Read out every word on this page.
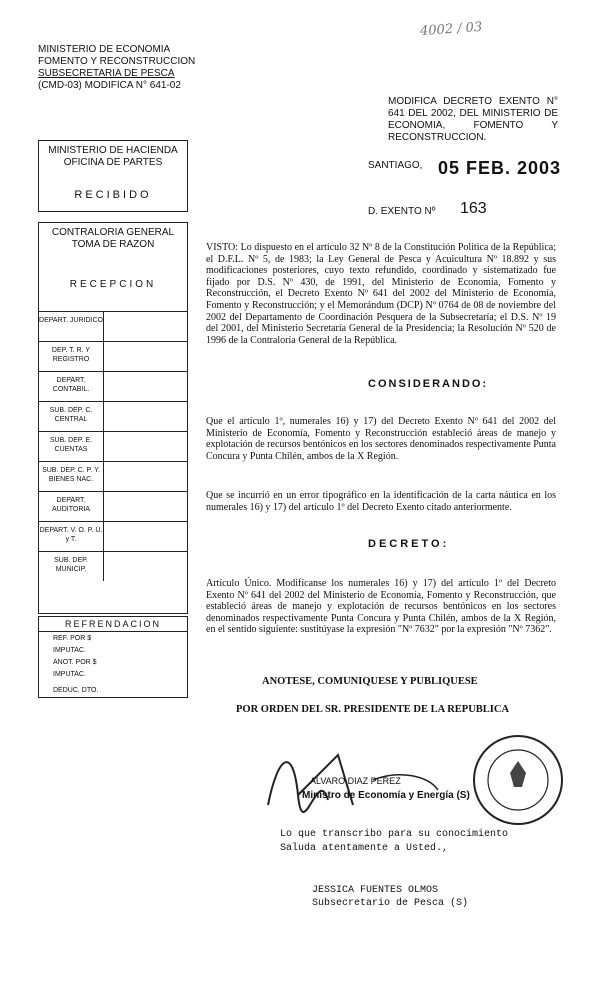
4002 / 03
MINISTERIO DE ECONOMIA
FOMENTO Y RECONSTRUCCION
SUBSECRETARIA DE PESCA
(CMD-03) MODIFICA N° 641-02
MODIFICA DECRETO EXENTO N° 641 DEL 2002, DEL MINISTERIO DE ECONOMIA, FOMENTO Y RECONSTRUCCION.
SANTIAGO, 05 FEB. 2003
D. EXENTO Nº 163
MINISTERIO DE HACIENDA
OFICINA DE PARTES
RECIBIDO
CONTRALORIA GENERAL
TOMA DE RAZON
RECEPCION
DEPART. JURIDICO
DEP. T. R. Y REGISTRO
DEPART. CONTABIL.
SUB. DEP. C. CENTRAL
SUB. DEP. E. CUENTAS
SUB. DEP. C. P. Y. BIENES NAC.
DEPART. AUDITORIA
DEPART. V. O. P. U. y T.
SUB. DEP. MUNICIP.
REFRENDACION
REF. POR $
IMPUTAC.
ANOT. POR $
IMPUTAC.
DEDUC. DTO.
VISTO: Lo dispuesto en el artículo 32 Nº 8 de la Constitución Política de la República; el D.F.L. Nº 5, de 1983; la Ley General de Pesca y Acuicultura Nº 18.892 y sus modificaciones posteriores, cuyo texto refundido, coordinado y sistematizado fue fijado por D.S. Nº 430, de 1991, del Ministerio de Economía, Fomento y Reconstrucción, el Decreto Exento Nº 641 del 2002 del Ministerio de Economía, Fomento y Reconstrucción; y el Memorándum (DCP) Nº 0764 de 08 de noviembre del 2002 del Departamento de Coordinación Pesquera de la Subsecretaría; el D.S. Nº 19 del 2001, del Ministerio Secretaría General de la Presidencia; la Resolución Nº 520 de 1996 de la Contraloría General de la República.
CONSIDERANDO:
Que el artículo 1º, numerales 16) y 17) del Decreto Exento Nº 641 del 2002 del Ministerio de Economía, Fomento y Reconstrucción estableció áreas de manejo y explotación de recursos bentónicos en los sectores denominados respectivamente Punta Concura y Punta Chilén, ambos de la X Región.
Que se incurrió en un error tipográfico en la identificación de la carta náutica en los numerales 16) y 17) del artículo 1º del Decreto Exento citado anteriormente.
DECRETO:
Artículo Único. Modifícanse los numerales 16) y 17) del artículo 1º del Decreto Exento Nº 641 del 2002 del Ministerio de Economía, Fomento y Reconstrucción, que estableció áreas de manejo y explotación de recursos bentónicos en los sectores denominados respectivamente Punta Concura y Punta Chilén, ambos de la X Región, en el sentido siguiente: sustitúyase la expresión "Nº 7632" por la expresión "Nº 7362".
ANOTESE, COMUNIQUESE Y PUBLIQUESE
POR ORDEN DEL SR. PRESIDENTE DE LA REPUBLICA
ALVARO DIAZ PEREZ
Ministro de Economía y Energía (S)
Lo que transcribo para su conocimiento
Saluda atentamente a Usted.,
JESSICA FUENTES OLMOS
Subsecretario de Pesca (S)
